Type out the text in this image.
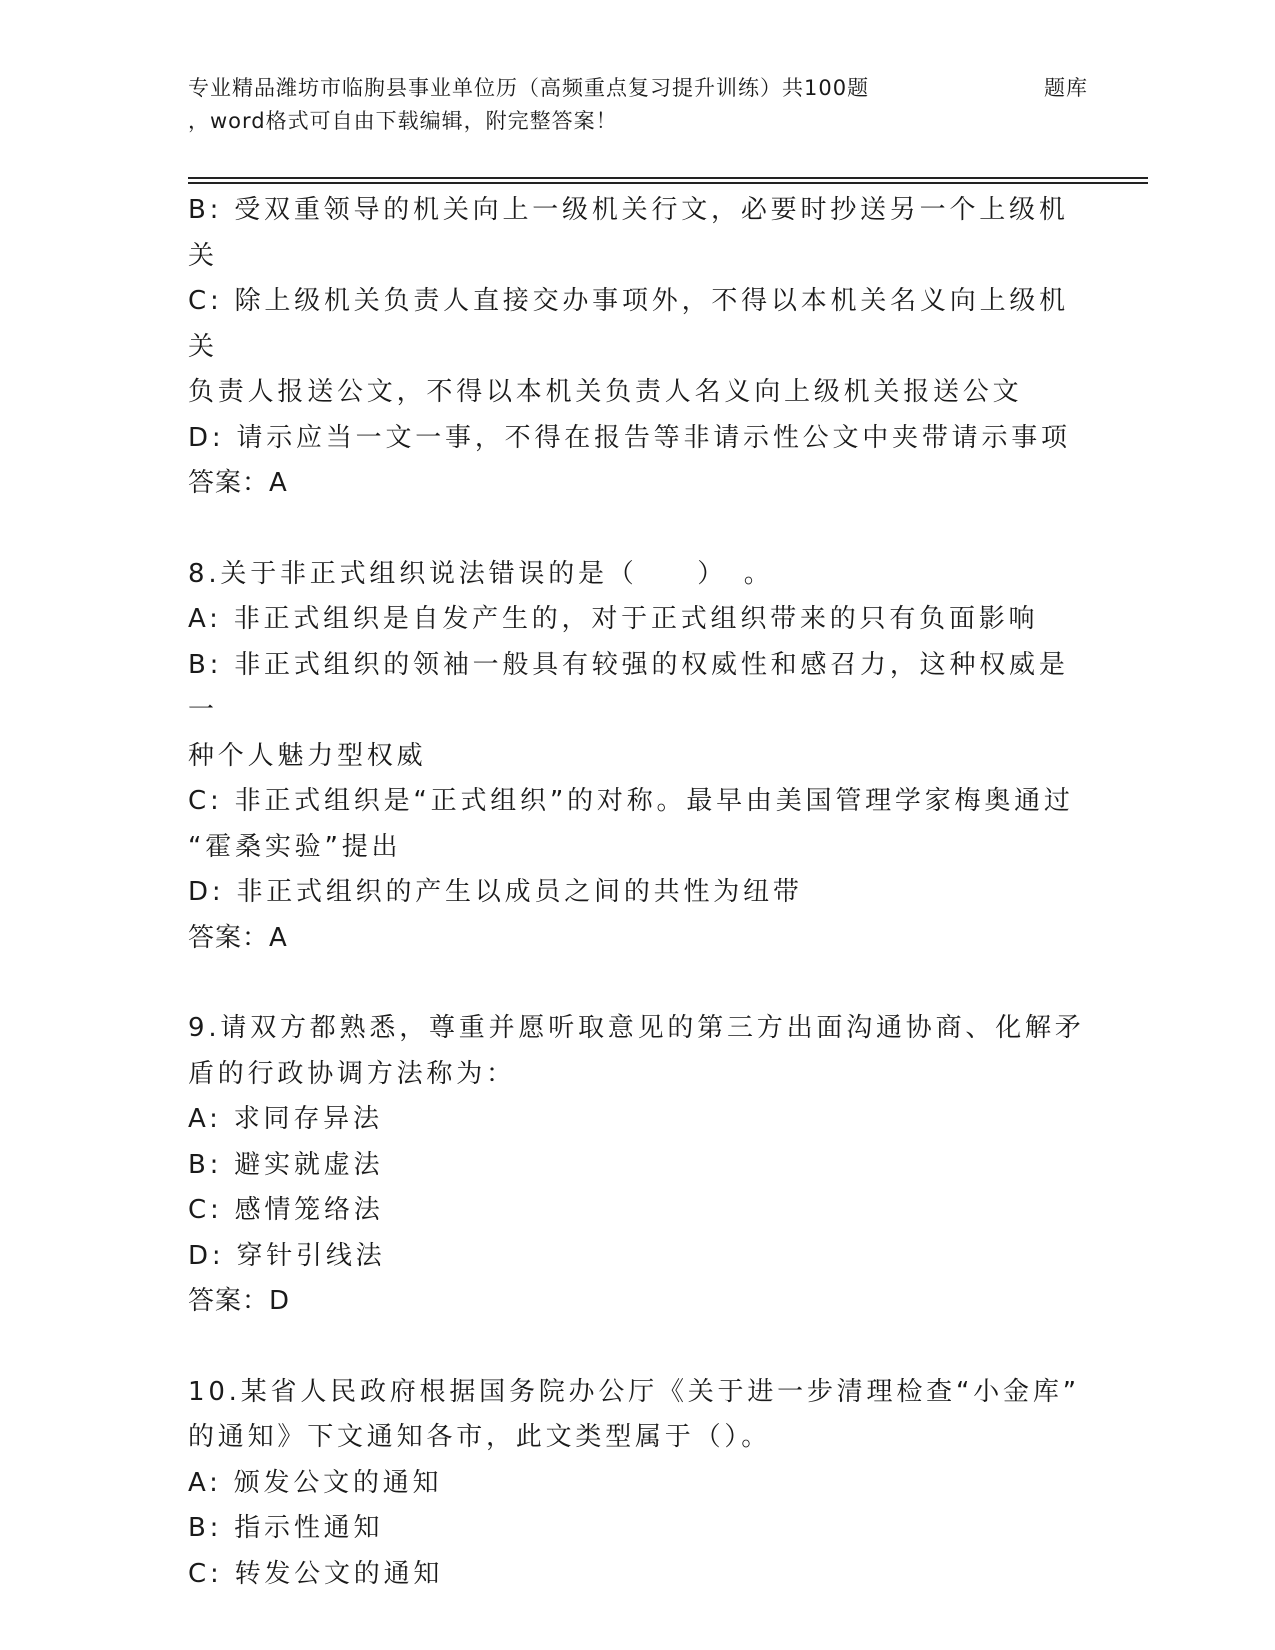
专业精品潍坊市临朐县事业单位历（高频重点复习提升训练）共100题	题库
，word格式可自由下载编辑，附完整答案！

B: 受双重领导的机关向上一级机关行文，必要时抄送另一个上级机关

C: 除上级机关负责人直接交办事项外，不得以本机关名义向上级机关

负责人报送公文，不得以本机关负责人名义向上级机关报送公文

D: 请示应当一文一事，不得在报告等非请示性公文中夹带请示事项

答案：A

8.关于非正式组织说法错误的是（　　）　。

A: 非正式组织是自发产生的，对于正式组织带来的只有负面影响

B: 非正式组织的领袖一般具有较强的权威性和感召力，这种权威是一

种个人魅力型权威

C: 非正式组织是“正式组织”的对称。最早由美国管理学家梅奥通过

“霍桑实验”提出

D: 非正式组织的产生以成员之间的共性为纽带

答案：A

9.请双方都熟悉，尊重并愿听取意见的第三方出面沟通协商、化解矛

盾的行政协调方法称为：

A: 求同存异法

B: 避实就虚法

C: 感情笼络法

D: 穿针引线法

答案：D

10.某省人民政府根据国务院办公厅《关于进一步清理检查“小金库”

的通知》下文通知各市，此文类型属于（）。

A: 颁发公文的通知

B: 指示性通知

C: 转发公文的通知
